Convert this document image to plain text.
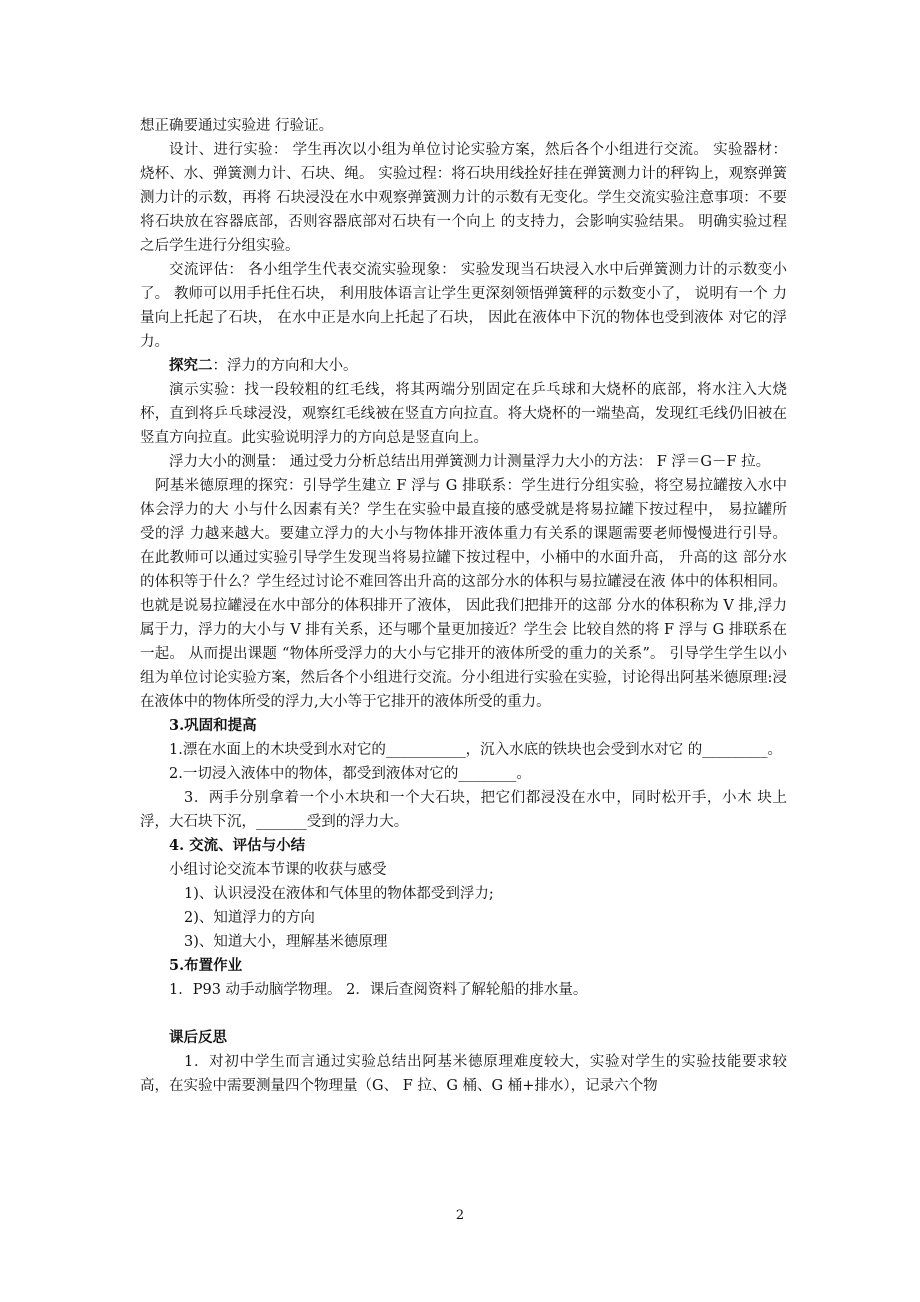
想正确要通过实验进 行验证。

设计、进行实验： 学生再次以小组为单位讨论实验方案，然后各个小组进行交流。 实验器材：烧杯、水、弹簧测力计、石块、绳。 实验过程：将石块用线拴好挂在弹簧测力计的秤钩上，观察弹簧测力计的示数，再将 石块浸没在水中观察弹簧测力计的示数有无变化。学生交流实验注意事项：不要将石块放在容器底部，否则容器底部对石块有一个向上 的支持力，会影响实验结果。 明确实验过程之后学生进行分组实验。

交流评估： 各小组学生代表交流实验现象： 实验发现当石块浸入水中后弹簧测力计的示数变小了。 教师可以用手托住石块， 利用肢体语言让学生更深刻领悟弹簧秤的示数变小了， 说明有一个 力量向上托起了石块， 在水中正是水向上托起了石块， 因此在液体中下沉的物体也受到液体 对它的浮力。

探究二：浮力的方向和大小。

演示实验：找一段较粗的红毛线，将其两端分别固定在乒乓球和大烧杯的底部，将水注入大烧杯，直到将乒乓球浸没，观察红毛线被在竖直方向拉直。将大烧杯的一端垫高，发现红毛线仍旧被在竖直方向拉直。此实验说明浮力的方向总是竖直向上。

浮力大小的测量： 通过受力分析总结出用弹簧测力计测量浮力大小的方法： F 浮＝G－F 拉。

阿基米德原理的探究：引导学生建立 F 浮与 G 排联系：学生进行分组实验，将空易拉罐按入水中体会浮力的大 小与什么因素有关？学生在实验中最直接的感受就是将易拉罐下按过程中， 易拉罐所受的浮 力越来越大。要建立浮力的大小与物体排开液体重力有关系的课题需要老师慢慢进行引导。 在此教师可以通过实验引导学生发现当将易拉罐下按过程中，小桶中的水面升高， 升高的这 部分水的体积等于什么？学生经过讨论不难回答出升高的这部分水的体积与易拉罐浸在液 体中的体积相同。 也就是说易拉罐浸在水中部分的体积排开了液体， 因此我们把排开的这部 分水的体积称为 V 排,浮力属于力，浮力的大小与 V 排有关系，还与哪个量更加接近？学生会 比较自然的将 F 浮与 G 排联系在一起。 从而提出课题 “物体所受浮力的大小与它排开的液体所受的重力的关系”。 引导学生学生以小组为单位讨论实验方案，然后各个小组进行交流。分小组进行实验在实验，讨论得出阿基米德原理:浸在液体中的物体所受的浮力,大小等于它排开的液体所受的重力。

3.巩固和提高

1.漂在水面上的木块受到水对它的___________，沉入水底的铁块也会受到水对它 的_________。

2.一切浸入液体中的物体，都受到液体对它的________。

3．两手分别拿着一个小木块和一个大石块，把它们都浸没在水中，同时松开手，小木 块上浮，大石块下沉，_______受到的浮力大。

4. 交流、评估与小结

小组讨论交流本节课的收获与感受

1)、认识浸没在液体和气体里的物体都受到浮力;

2)、知道浮力的方向

3)、知道大小，理解基米德原理

5.布置作业

1．P93 动手动脑学物理。 2．课后查阅资料了解轮船的排水量。

课后反思

1．对初中学生而言通过实验总结出阿基米德原理难度较大，实验对学生的实验技能要求较高，在实验中需要测量四个物理量（G、 F 拉、G 桶、G 桶+排水），记录六个物

2
